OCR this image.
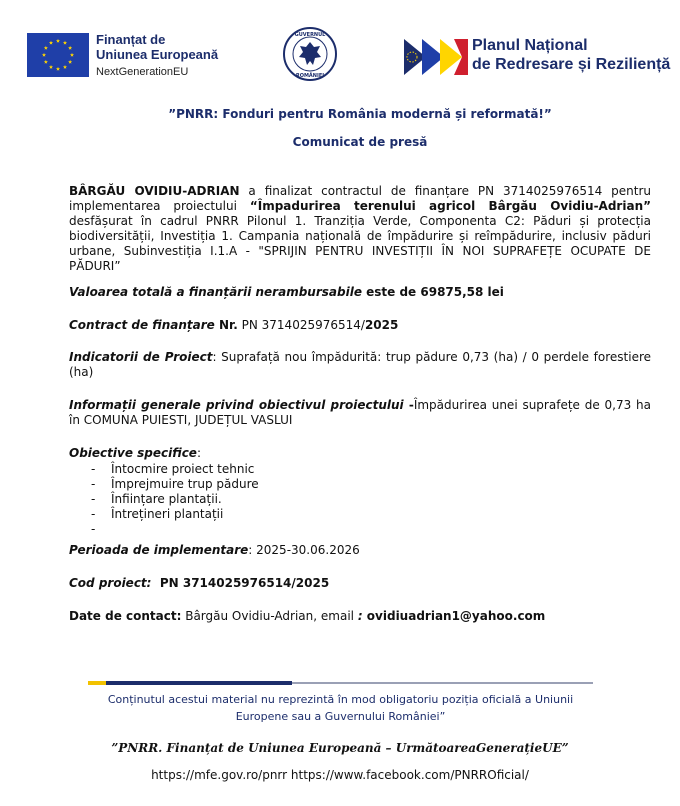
Finanțat de
Uniunea Europeană
NextGenerationEU
GUVERNUL
ROMÂNIEI
Planul Național
de Redresare și Reziliență
”PNRR: Fonduri pentru România modernă și reformată!”
Comunicat de presă
BÂRGĂU OVIDIU-ADRIAN a finalizat contractul de finanțare PN 3714025976514 pentru implementarea proiectului “Împadurirea terenului agricol Bârgău Ovidiu-Adrian” desfășurat în cadrul PNRR Pilonul 1. Tranziția Verde, Componenta C2: Păduri și protecția biodiversității, Investiția 1. Campania națională de împădurire și reîmpădurire, inclusiv păduri urbane, Subinvestiția I.1.A - "SPRIJIN PENTRU INVESTIȚII ÎN NOI SUPRAFEȚE OCUPATE DE PĂDURI”
Valoarea totală a finanțării nerambursabile este de 69875,58 lei
Contract de finanțare Nr. PN 3714025976514/2025
Indicatorii de Proiect: Suprafață nou împădurită: trup pădure 0,73 (ha) / 0 perdele forestiere (ha)
Informații generale privind obiectivul proiectului -Împădurirea unei suprafețe de 0,73 ha în COMUNA PUIESTI, JUDEȚUL VASLUI
Obiective specifice:
- Întocmire proiect tehnic
- Împrejmuire trup pădure
- Înființare plantații.
- Întrețineri plantații
-
Perioada de implementare: 2025-30.06.2026
Cod proiect:  PN 3714025976514/2025
Date de contact: Bârgău Ovidiu-Adrian, email : ovidiuadrian1@yahoo.com
Conținutul acestui material nu reprezintă în mod obligatoriu poziția oficială a Uniunii
Europene sau a Guvernului României”
”PNRR. Finanțat de Uniunea Europeană – UrmătoareaGenerațieUE”
https://mfe.gov.ro/pnrr https://www.facebook.com/PNRROficial/
